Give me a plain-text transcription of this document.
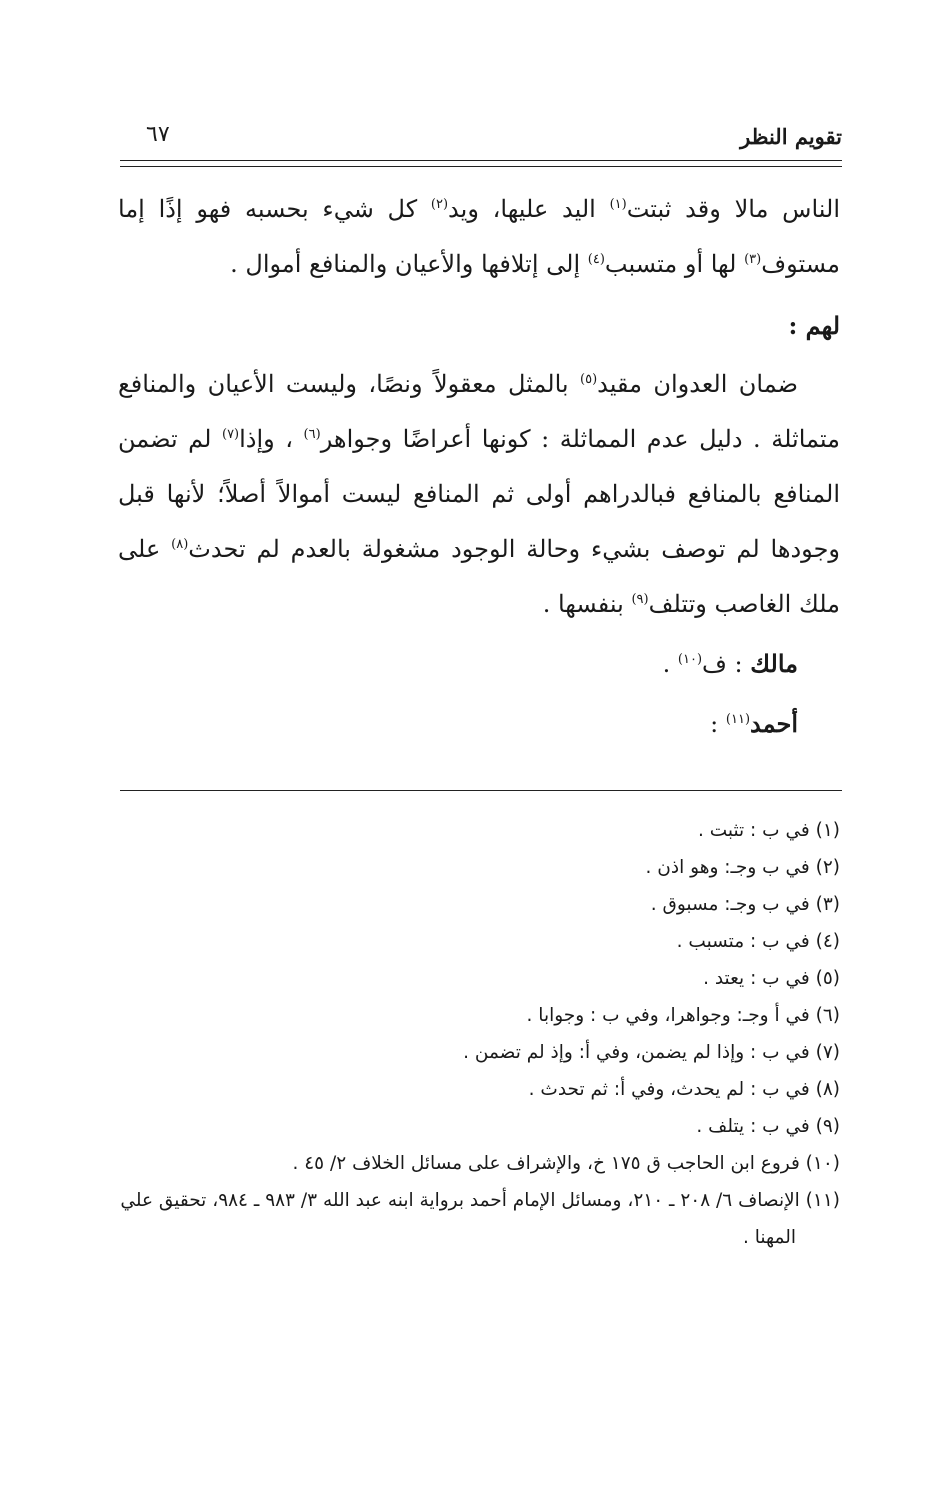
تقويم النظر
٦٧

الناس مالا وقد ثبتت$^{(١)}$ اليد عليها، ويد$^{(٢)}$ كل شيء بحسبه فهو إذًا إما مستوف$^{(٣)}$ لها أو متسبب$^{(٤)}$ إلى إتلافها والأعيان والمنافع أموال .

لهم :

ضمان العدوان مقيد$^{(٥)}$ بالمثل معقولاً ونصًا، وليست الأعيان والمنافع متماثلة . دليل عدم المماثلة : كونها أعراضًا وجواهر$^{(٦)}$ ، وإذا$^{(٧)}$ لم تضمن المنافع بالمنافع فبالدراهم أولى ثم المنافع ليست أموالاً أصلاً؛ لأنها قبل وجودها لم توصف بشيء وحالة الوجود مشغولة بالعدم لم تحدث$^{(٨)}$ على ملك الغاصب وتتلف$^{(٩)}$ بنفسها .

مالك : ف$^{(١٠)}$ .

أحمد$^{(١١)}$ :

(١) في ب : تثبت .

(٢) في ب وجـ: وهو اذن .

(٣) في ب وجـ: مسبوق .

(٤) في ب : متسبب .

(٥) في ب : يعتد .

(٦) في أ وجـ: وجواهرا، وفي ب : وجوابا .

(٧) في ب : وإذا لم يضمن، وفي أ: وإذ لم تضمن .

(٨) في ب : لم يحدث، وفي أ: ثم تحدث .

(٩) في ب : يتلف .

(١٠) فروع ابن الحاجب ق ١٧٥ خ، والإشراف على مسائل الخلاف ٢/ ٤٥ .

(١١) الإنصاف ٦/ ٢٠٨ ـ ٢١٠، ومسائل الإمام أحمد برواية ابنه عبد الله ٣/ ٩٨٣ ـ ٩٨٤، تحقيق علي المهنا .
